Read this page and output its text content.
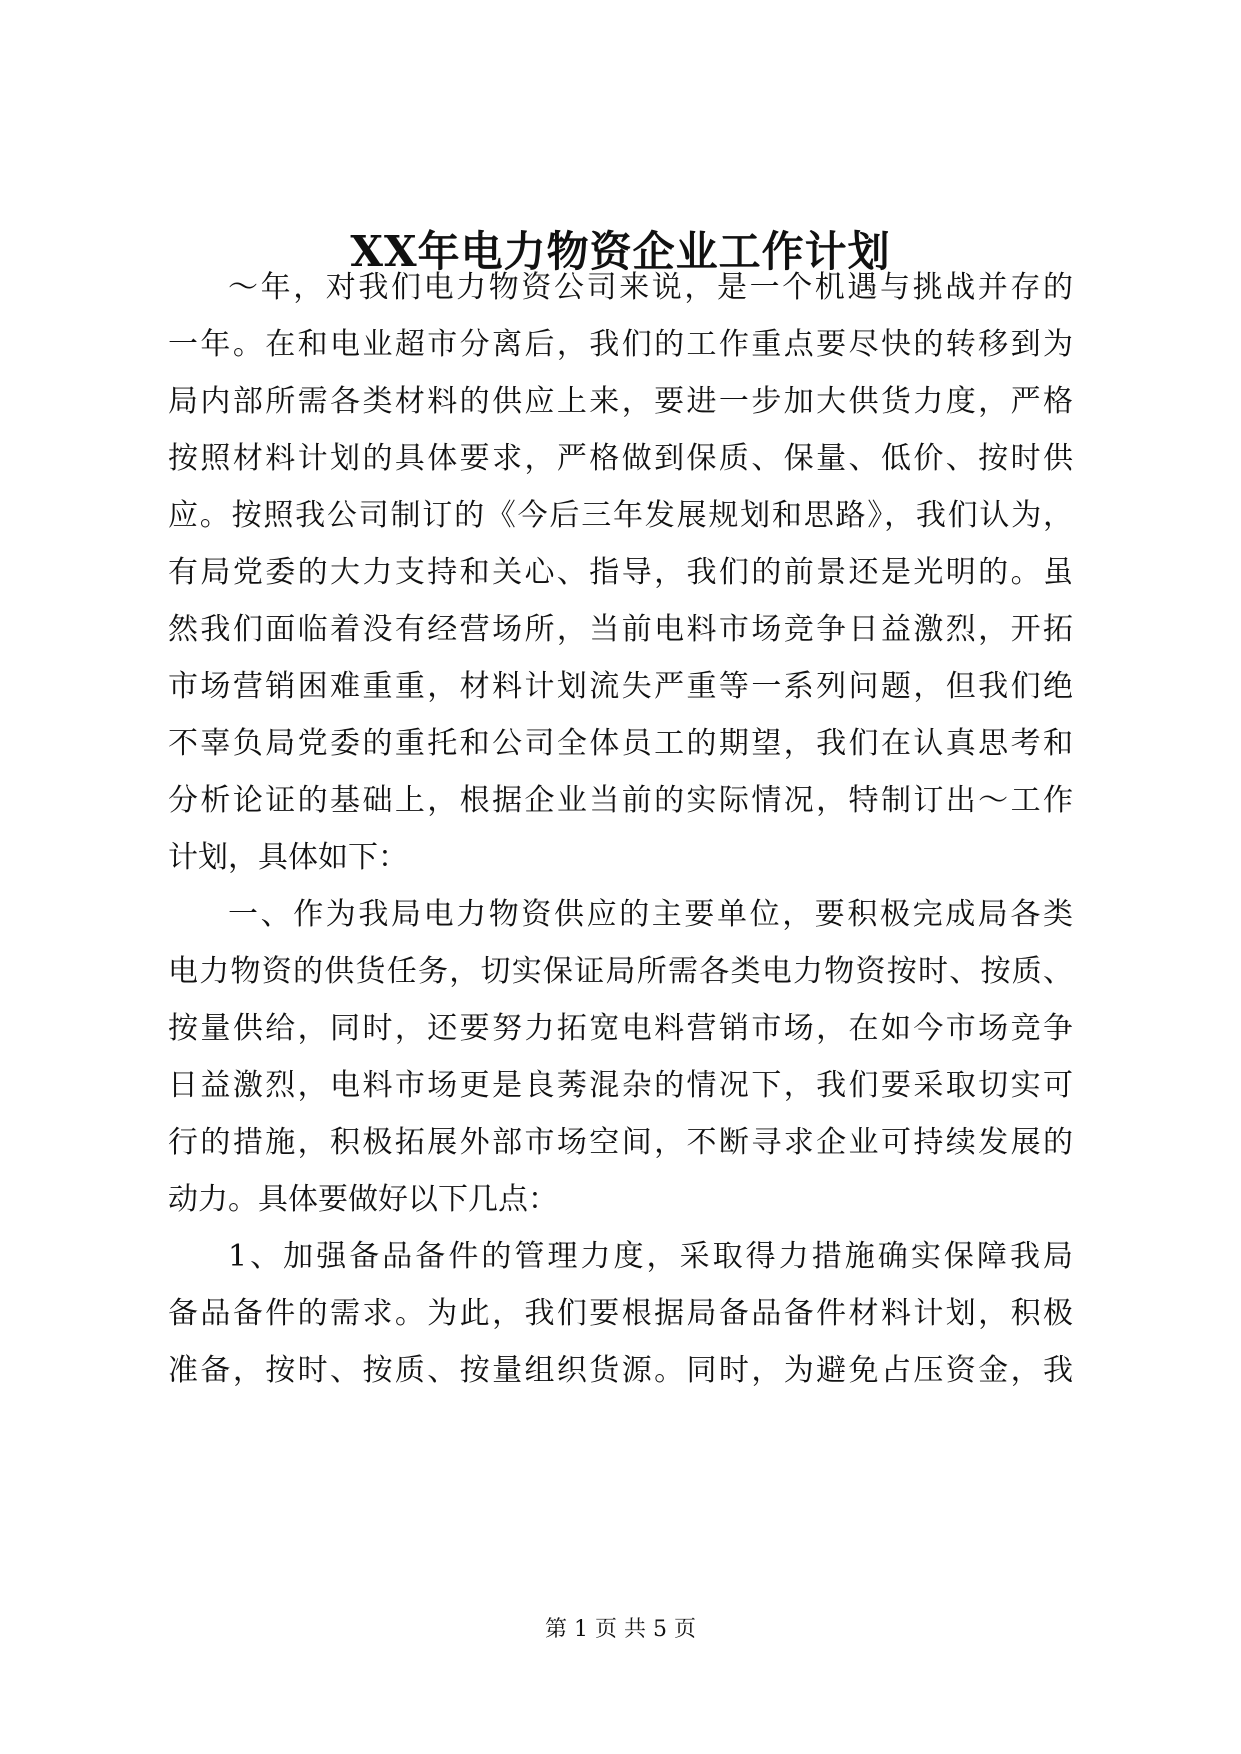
XX年电力物资企业工作计划
～年，对我们电力物资公司来说，是一个机遇与挑战并存的
一年。在和电业超市分离后，我们的工作重点要尽快的转移到为
局内部所需各类材料的供应上来，要进一步加大供货力度，严格
按照材料计划的具体要求，严格做到保质、保量、低价、按时供
应。按照我公司制订的《今后三年发展规划和思路》，我们认为，
有局党委的大力支持和关心、指导，我们的前景还是光明的。虽
然我们面临着没有经营场所，当前电料市场竞争日益激烈，开拓
市场营销困难重重，材料计划流失严重等一系列问题，但我们绝
不辜负局党委的重托和公司全体员工的期望，我们在认真思考和
分析论证的基础上，根据企业当前的实际情况，特制订出～工作
计划，具体如下：
一、作为我局电力物资供应的主要单位，要积极完成局各类
电力物资的供货任务，切实保证局所需各类电力物资按时、按质、
按量供给，同时，还要努力拓宽电料营销市场，在如今市场竞争
日益激烈，电料市场更是良莠混杂的情况下，我们要采取切实可
行的措施，积极拓展外部市场空间，不断寻求企业可持续发展的
动力。具体要做好以下几点：
1、加强备品备件的管理力度，采取得力措施确实保障我局
备品备件的需求。为此，我们要根据局备品备件材料计划，积极
准备，按时、按质、按量组织货源。同时，为避免占压资金，我
第 1 页 共 5 页
